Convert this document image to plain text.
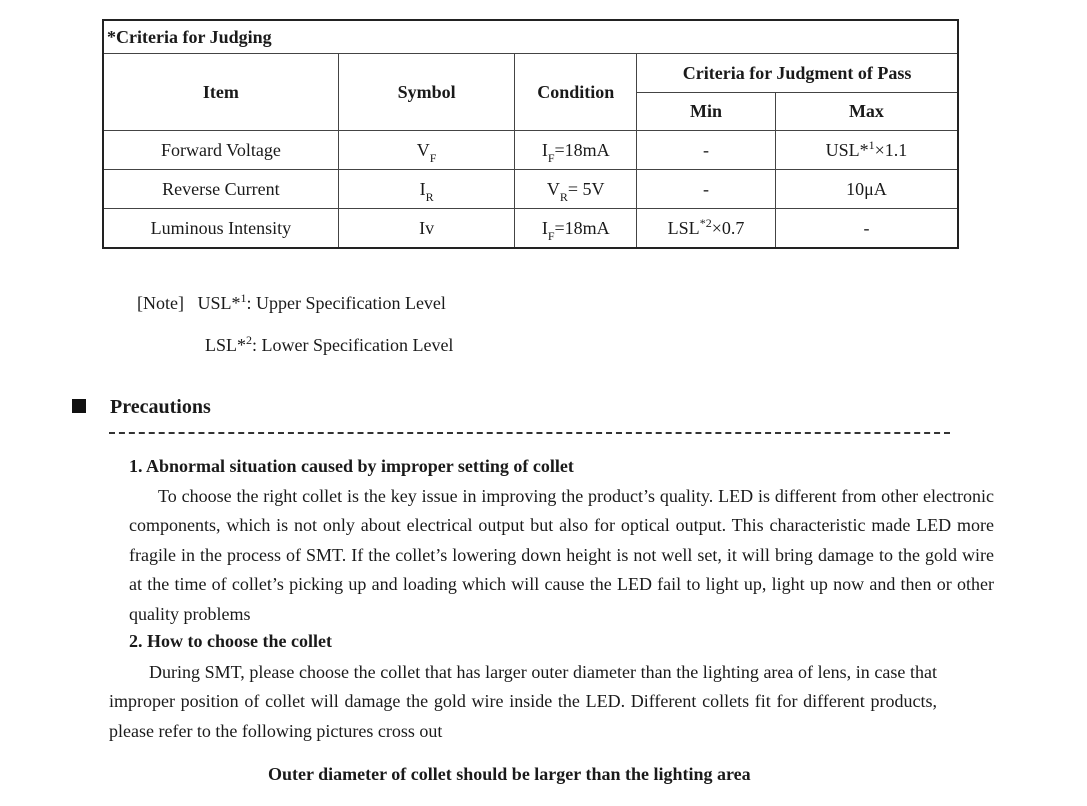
*Criteria for Judging				
Item	Symbol	Condition	Criteria for Judgment of Pass	
			Min	Max
Forward Voltage	$V_F$	$I_F=18mA$	-	USL*$^1$×1.1
Reverse Current	$I_R$	$V_R= 5V$	-	10μA
Luminous Intensity	Iv	$I_F=18mA$	$LSL^{*2}\times 0.7$	-
[Note] USL*$^1$: Upper Specification Level
LSL*$^2$: Lower Specification Level
Precautions
1. Abnormal situation caused by improper setting of collet
To choose the right collet is the key issue in improving the product’s quality. LED is different from other electronic components, which is not only about electrical output but also for optical output. This characteristic made LED more fragile in the process of SMT. If the collet’s lowering down height is not well set, it will bring damage to the gold wire at the time of collet’s picking up and loading which will cause the LED fail to light up, light up now and then or other quality problems
2. How to choose the collet
During SMT, please choose the collet that has larger outer diameter than the lighting area of lens, in case that improper position of collet will damage the gold wire inside the LED. Different collets fit for different products, please refer to the following pictures cross out
Outer diameter of collet should be larger than the lighting area
